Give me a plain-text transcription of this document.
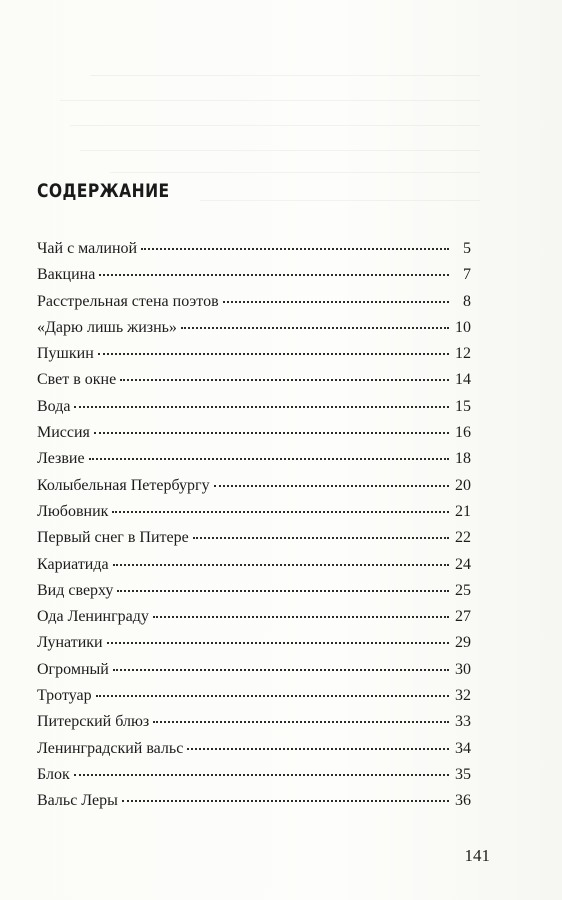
СОДЕРЖАНИЕ
Чай с малиной	5
Вакцина	7
Расстрельная стена поэтов	8
«Дарю лишь жизнь»	10
Пушкин	12
Свет в окне	14
Вода	15
Миссия	16
Лезвие	18
Колыбельная Петербургу	20
Любовник	21
Первый снег в Питере	22
Кариатида	24
Вид сверху	25
Ода Ленинграду	27
Лунатики	29
Огромный	30
Тротуар	32
Питерский блюз	33
Ленинградский вальс	34
Блок	35
Вальс Леры	36
141
